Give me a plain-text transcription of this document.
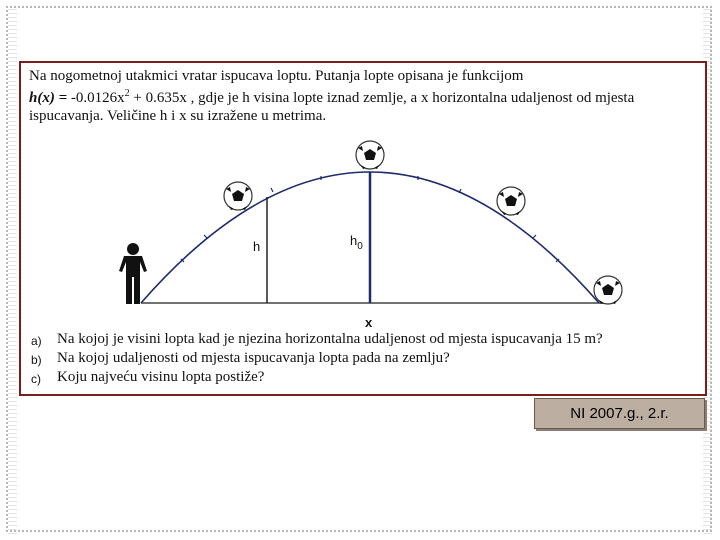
Na nogometnoj utakmici vratar ispucava loptu. Putanja lopte opisana je funkcijom
$h(x) = -0.0126x^2 + 0.635x$ , gdje je h visina lopte iznad zemlje, a x horizontalna udaljenost od mjesta
ispucavanja. Veličine h i x su izražene u metrima.
h	$h_0$
x
a)	Na kojoj je visini lopta kad je njezina horizontalna udaljenost od mjesta ispucavanja 15 m?
b)	Na kojoj udaljenosti od mjesta ispucavanja lopta pada na zemlju?
c)	Koju najveću visinu lopta postiže?
NI 2007.g., 2.r.
